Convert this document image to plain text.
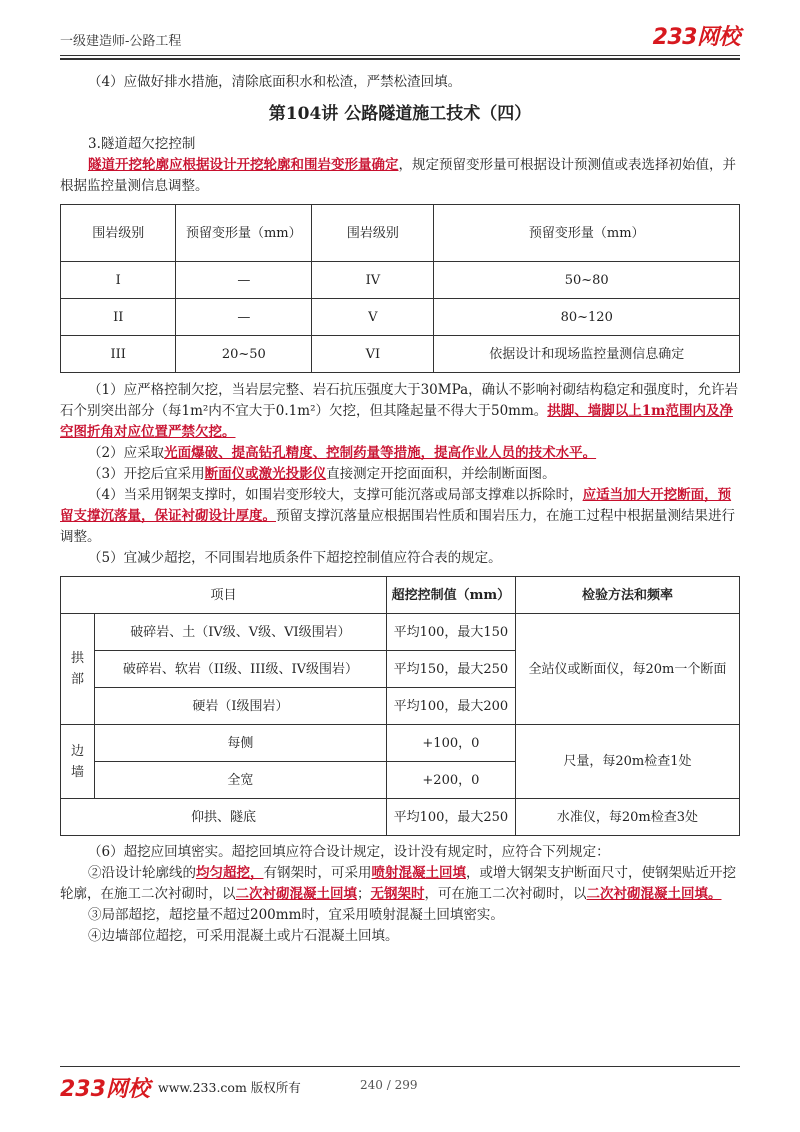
一级建造师-公路工程	233网校

（4）应做好排水措施，清除底面积水和松渣，严禁松渣回填。

第104讲 公路隧道施工技术（四）

3.隧道超欠挖控制

隧道开挖轮廓应根据设计开挖轮廓和围岩变形量确定，规定预留变形量可根据设计预测值或表选择初始值，并根据监控量测信息调整。

围岩级别	预留变形量（mm）	围岩级别	预留变形量（mm）
I	—	IV	50~80
II	—	V	80~120
III	20~50	VI	依据设计和现场监控量测信息确定

（1）应严格控制欠挖，当岩层完整、岩石抗压强度大于30MPa，确认不影响衬砌结构稳定和强度时，允许岩石个别突出部分（每1m²内不宜大于0.1m²）欠挖，但其隆起量不得大于50mm。拱脚、墙脚以上1m范围内及净空图折角对应位置严禁欠挖。

（2）应采取光面爆破、提高钻孔精度、控制药量等措施，提高作业人员的技术水平。

（3）开挖后宜采用断面仪或激光投影仪直接测定开挖面面积，并绘制断面图。

（4）当采用钢架支撑时，如围岩变形较大，支撑可能沉落或局部支撑难以拆除时，应适当加大开挖断面，预留支撑沉落量，保证衬砌设计厚度。预留支撑沉落量应根据围岩性质和围岩压力，在施工过程中根据量测结果进行调整。

（5）宜减少超挖，不同围岩地质条件下超挖控制值应符合表的规定。

项目		超挖控制值（mm）	检验方法和频率
拱部	破碎岩、土（IV级、V级、VI级围岩）	平均100，最大150	全站仪或断面仪，每20m一个断面
	破碎岩、软岩（II级、III级、IV级围岩）	平均150，最大250	
	硬岩（I级围岩）	平均100，最大200	
边墙	每侧	+100，0	尺量，每20m检查1处
	全宽	+200，0	
仰拱、隧底		平均100，最大250	水准仪，每20m检查3处

（6）超挖应回填密实。超挖回填应符合设计规定，设计没有规定时，应符合下列规定：

②沿设计轮廓线的均匀超挖，有钢架时，可采用喷射混凝土回填，或增大钢架支护断面尺寸，使钢架贴近开挖轮廓，在施工二次衬砌时，以二次衬砌混凝土回填；无钢架时，可在施工二次衬砌时，以二次衬砌混凝土回填。

③局部超挖，超挖量不超过200mm时，宜采用喷射混凝土回填密实。

④边墙部位超挖，可采用混凝土或片石混凝土回填。

233网校 www.233.com 版权所有	240 / 299
